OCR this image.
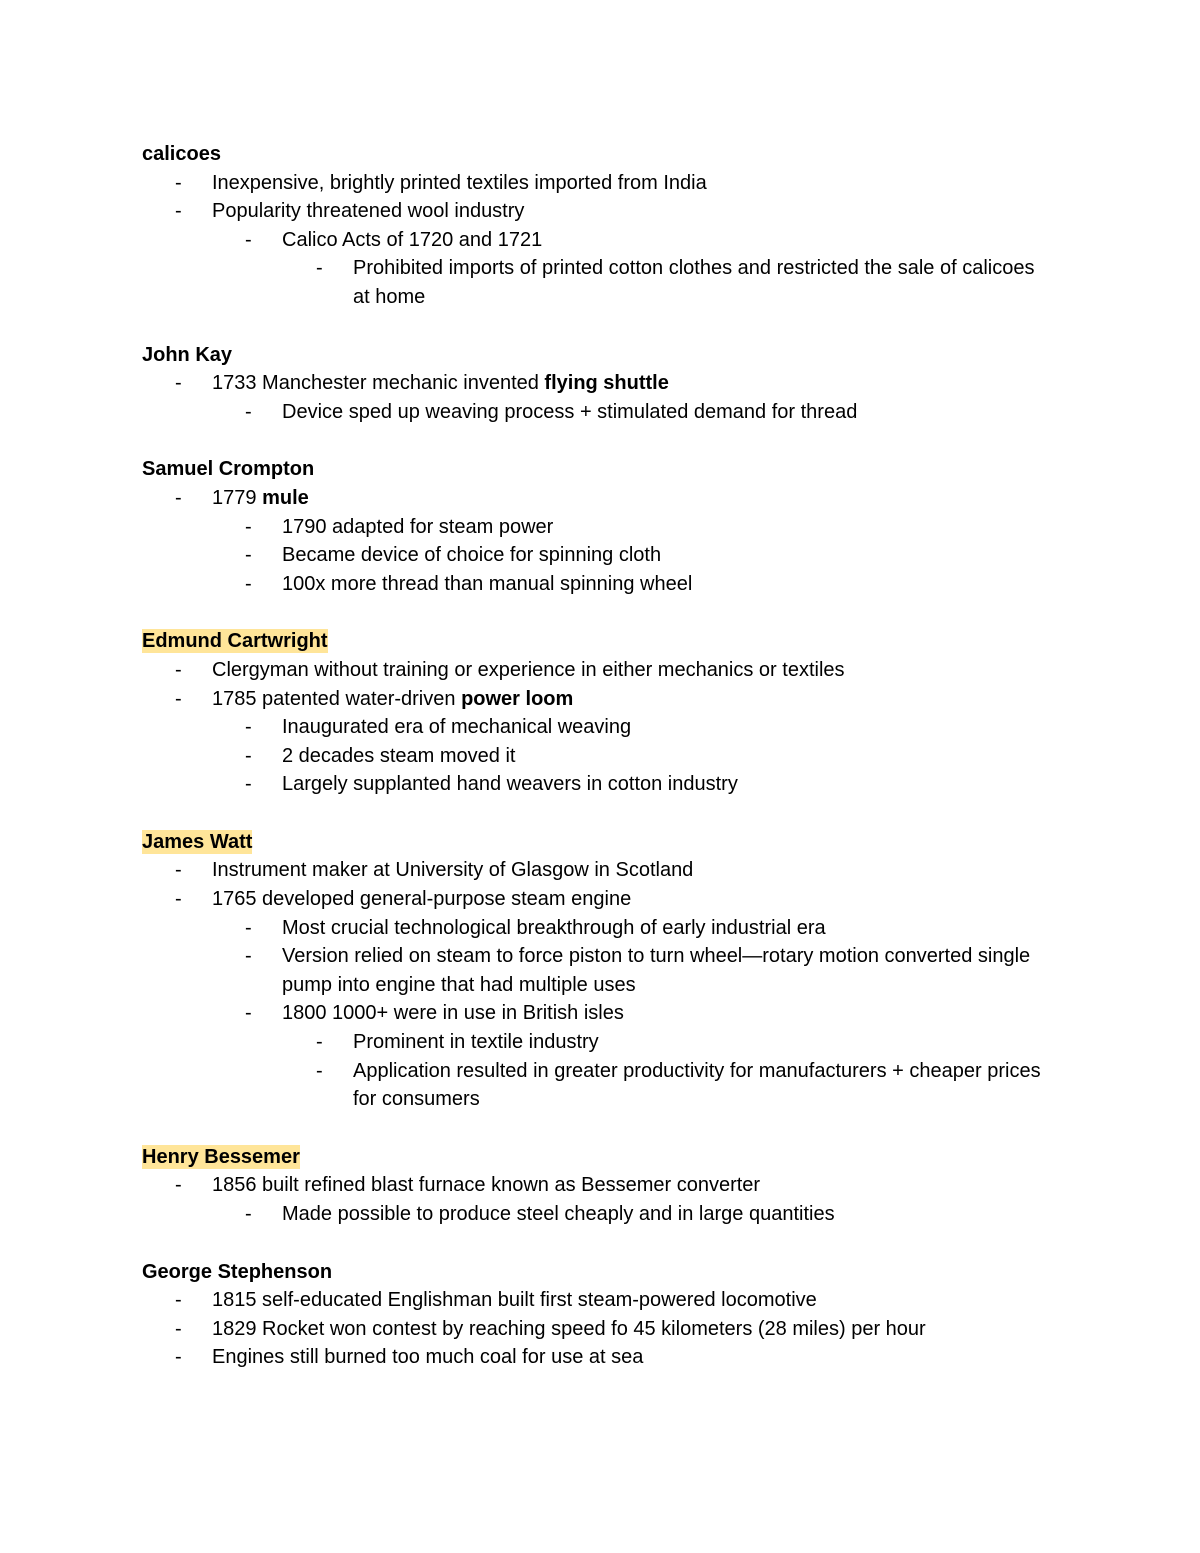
calicoes
- Inexpensive, brightly printed textiles imported from India
- Popularity threatened wool industry
- Calico Acts of 1720 and 1721
- Prohibited imports of printed cotton clothes and restricted the sale of calicoes at home
John Kay
- 1733 Manchester mechanic invented flying shuttle
- Device sped up weaving process + stimulated demand for thread
Samuel Crompton
- 1779 mule
- 1790 adapted for steam power
- Became device of choice for spinning cloth
- 100x more thread than manual spinning wheel
Edmund Cartwright
- Clergyman without training or experience in either mechanics or textiles
- 1785 patented water-driven power loom
- Inaugurated era of mechanical weaving
- 2 decades steam moved it
- Largely supplanted hand weavers in cotton industry
James Watt
- Instrument maker at University of Glasgow in Scotland
- 1765 developed general-purpose steam engine
- Most crucial technological breakthrough of early industrial era
- Version relied on steam to force piston to turn wheel—rotary motion converted single pump into engine that had multiple uses
- 1800 1000+ were in use in British isles
- Prominent in textile industry
- Application resulted in greater productivity for manufacturers + cheaper prices for consumers
Henry Bessemer
- 1856 built refined blast furnace known as Bessemer converter
- Made possible to produce steel cheaply and in large quantities
George Stephenson
- 1815 self-educated Englishman built first steam-powered locomotive
- 1829 Rocket won contest by reaching speed fo 45 kilometers (28 miles) per hour
- Engines still burned too much coal for use at sea
